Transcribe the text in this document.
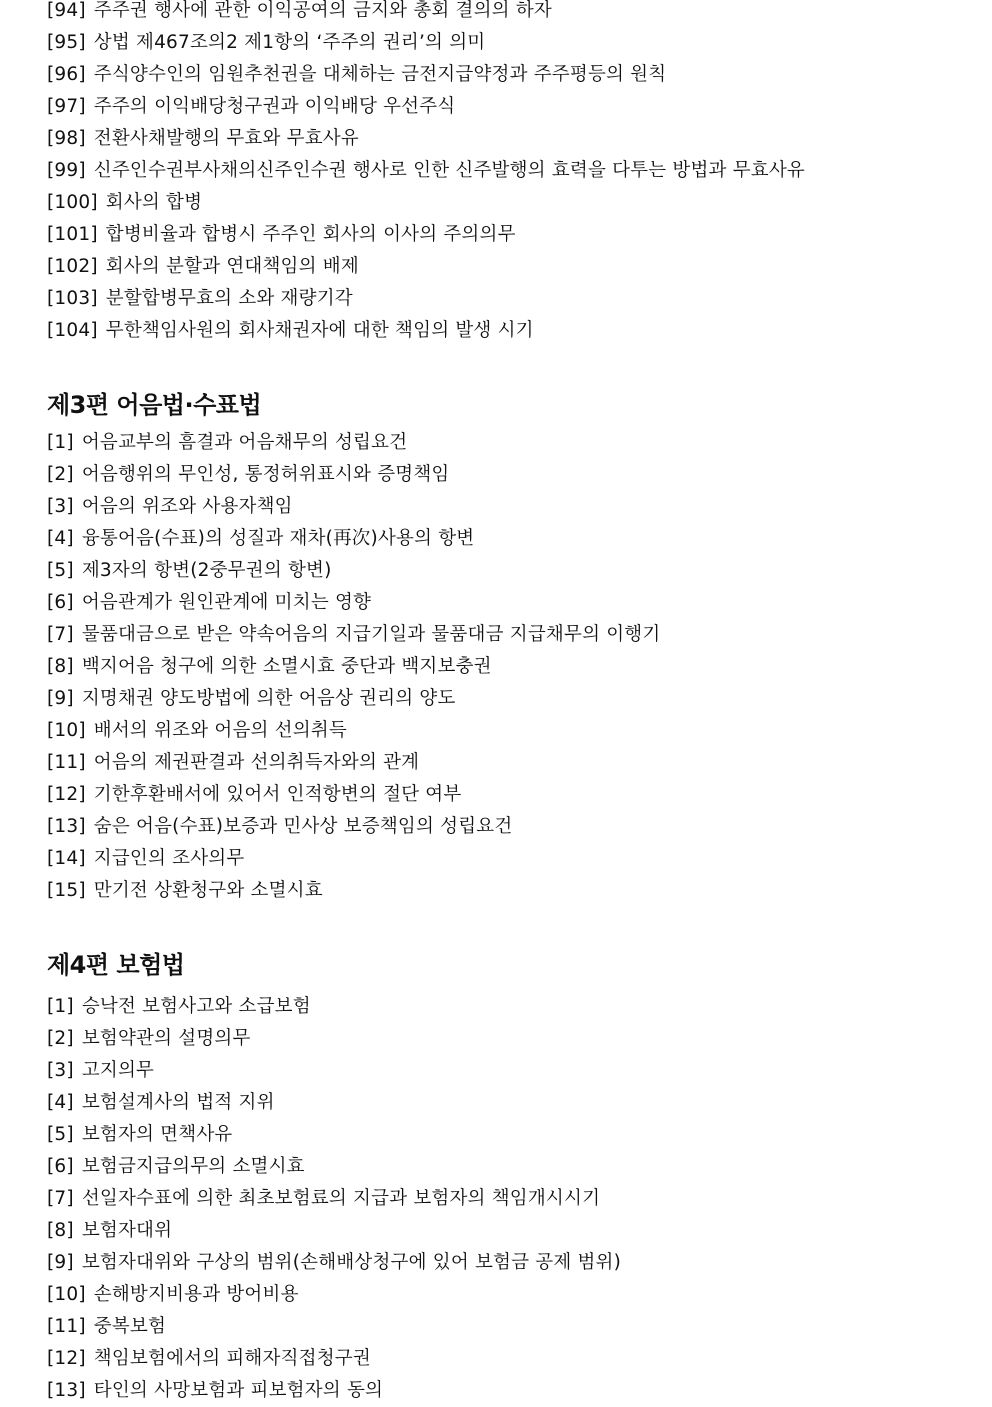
[94] 주주권 행사에 관한 이익공여의 금지와 총회 결의의 하자
[95] 상법 제467조의2 제1항의 ‘주주의 권리’의 의미
[96] 주식양수인의 임원추천권을 대체하는 금전지급약정과 주주평등의 원칙
[97] 주주의 이익배당청구권과 이익배당 우선주식
[98] 전환사채발행의 무효와 무효사유
[99] 신주인수권부사채의신주인수권 행사로 인한 신주발행의 효력을 다투는 방법과 무효사유
[100] 회사의 합병
[101] 합병비율과 합병시 주주인 회사의 이사의 주의의무
[102] 회사의 분할과 연대책임의 배제
[103] 분할합병무효의 소와 재량기각
[104] 무한책임사원의 회사채권자에 대한 책임의 발생 시기
제3편 어음법·수표법
[1] 어음교부의 흠결과 어음채무의 성립요건
[2] 어음행위의 무인성, 통정허위표시와 증명책임
[3] 어음의 위조와 사용자책임
[4] 융통어음(수표)의 성질과 재차(再次)사용의 항변
[5] 제3자의 항변(2중무권의 항변)
[6] 어음관계가 원인관계에 미치는 영향
[7] 물품대금으로 받은 약속어음의 지급기일과 물품대금 지급채무의 이행기
[8] 백지어음 청구에 의한 소멸시효 중단과 백지보충권
[9] 지명채권 양도방법에 의한 어음상 권리의 양도
[10] 배서의 위조와 어음의 선의취득
[11] 어음의 제권판결과 선의취득자와의 관계
[12] 기한후환배서에 있어서 인적항변의 절단 여부
[13] 숨은 어음(수표)보증과 민사상 보증책임의 성립요건
[14] 지급인의 조사의무
[15] 만기전 상환청구와 소멸시효
제4편 보험법
[1] 승낙전 보험사고와 소급보험
[2] 보험약관의 설명의무
[3] 고지의무
[4] 보험설계사의 법적 지위
[5] 보험자의 면책사유
[6] 보험금지급의무의 소멸시효
[7] 선일자수표에 의한 최초보험료의 지급과 보험자의 책임개시시기
[8] 보험자대위
[9] 보험자대위와 구상의 범위(손해배상청구에 있어 보험금 공제 범위)
[10] 손해방지비용과 방어비용
[11] 중복보험
[12] 책임보험에서의 피해자직접청구권
[13] 타인의 사망보험과 피보험자의 동의
